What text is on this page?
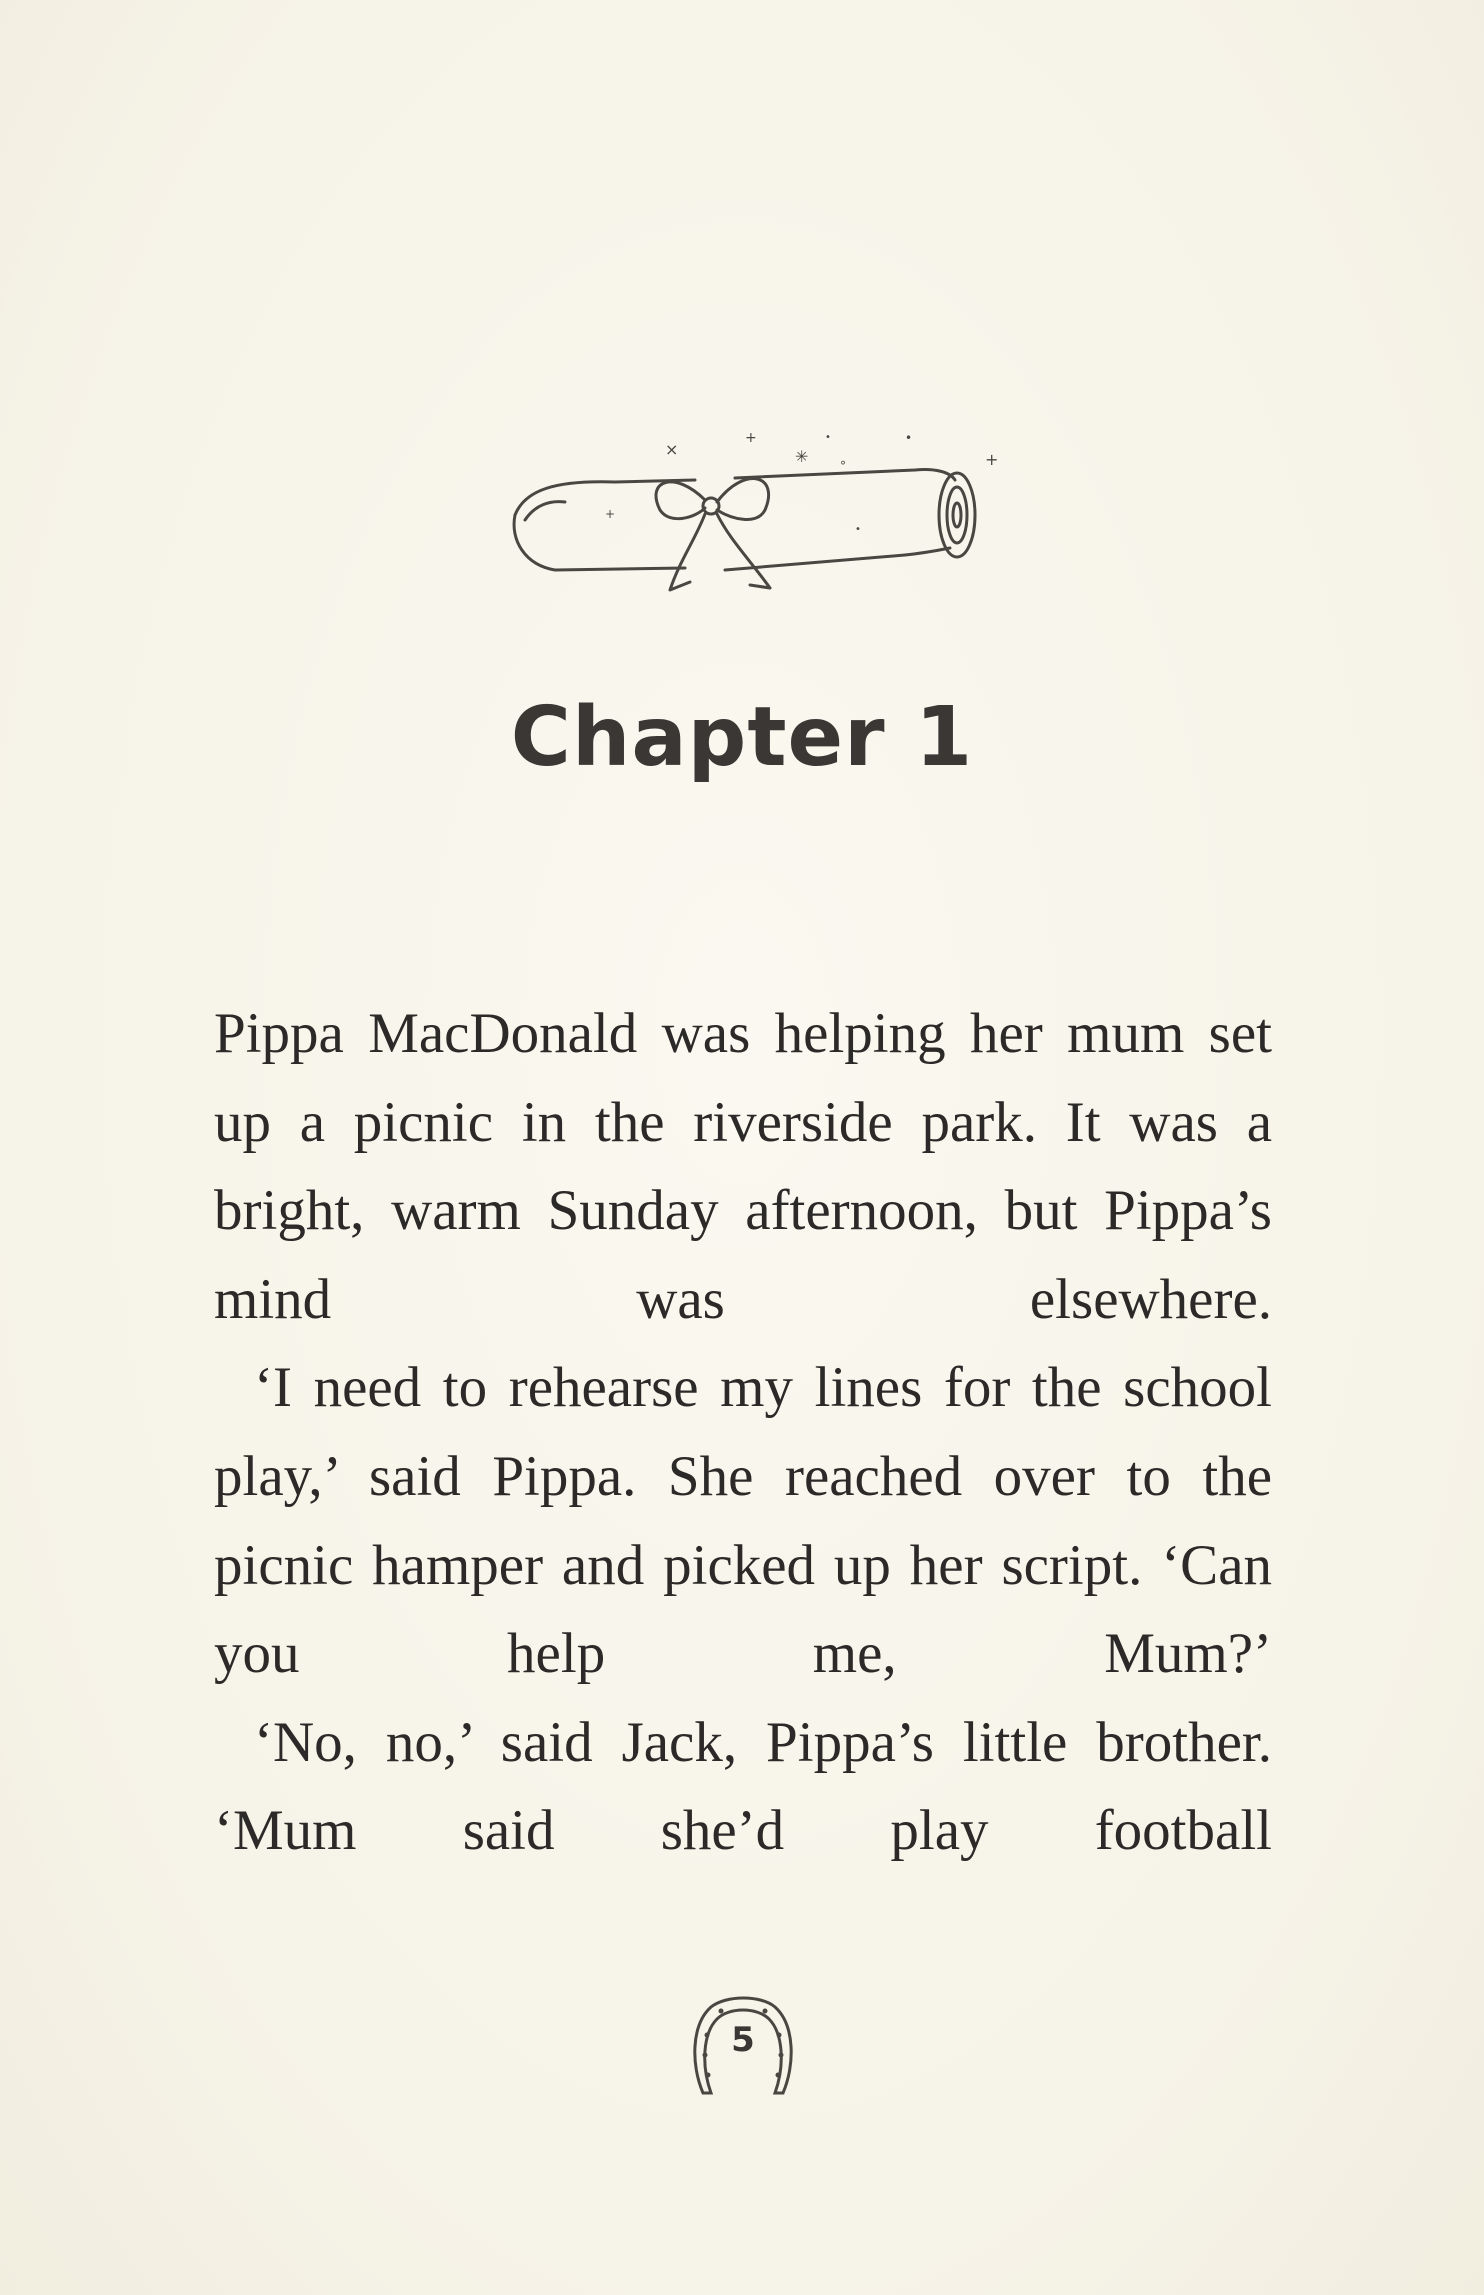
×
+
✳
•
°
•
+
+
•
Chapter 1

Pippa MacDonald was helping her mum set up a picnic in the riverside park. It was a bright, warm Sunday afternoon, but Pippa’s mind was elsewhere.

‘I need to rehearse my lines for the school play,’ said Pippa. She reached over to the picnic hamper and picked up her script. ‘Can you help me, Mum?’

‘No, no,’ said Jack, Pippa’s little brother. ‘Mum said she’d play football

5
